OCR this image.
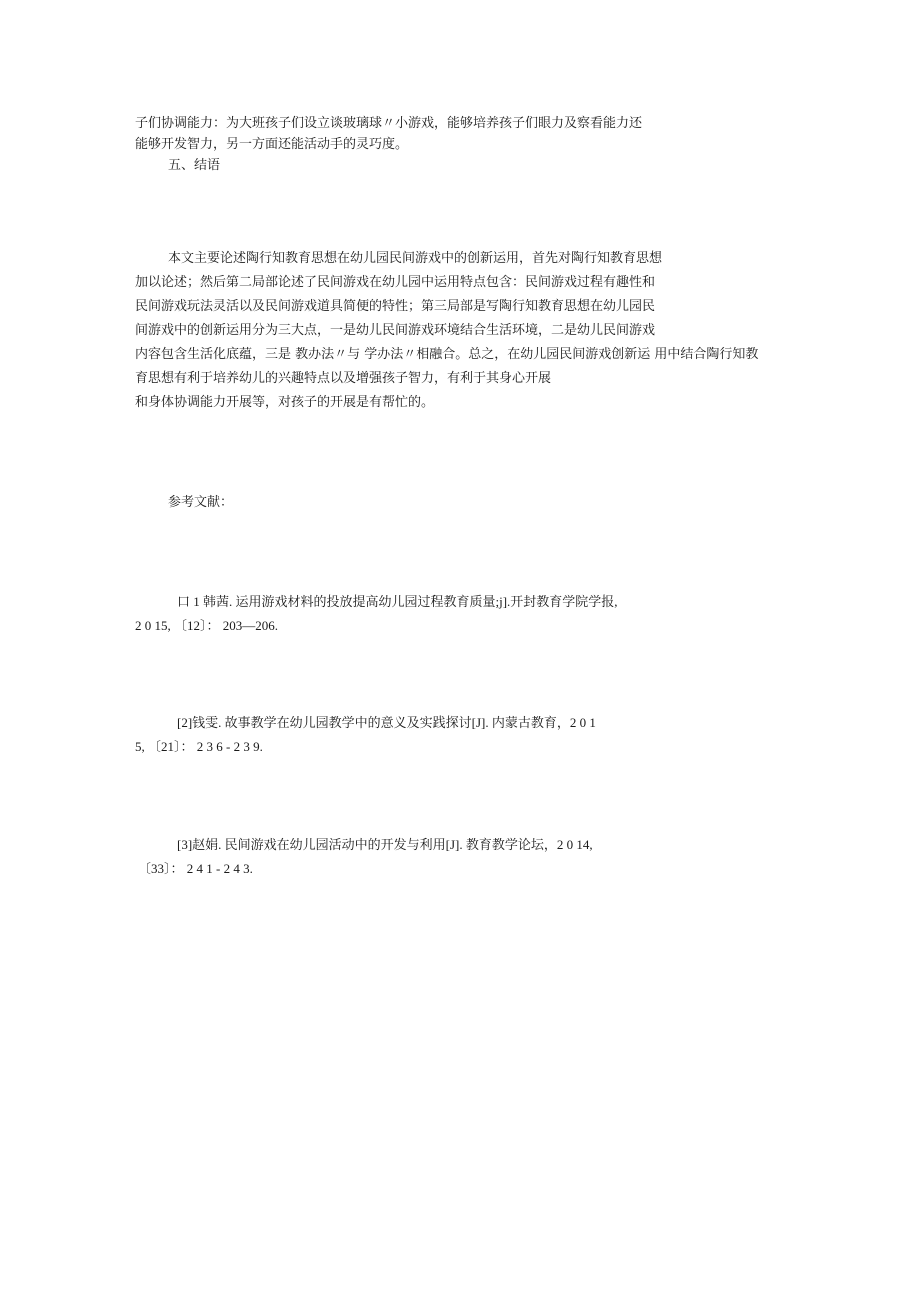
子们协调能力：为大班孩子们设立谈玻璃球〃小游戏，能够培养孩子们眼力及察看能力还
能够开发智力，另一方面还能活动手的灵巧度。
五、结语
本文主要论述陶行知教育思想在幼儿园民间游戏中的创新运用，首先对陶行知教育思想
加以论述；然后第二局部论述了民间游戏在幼儿园中运用特点包含：民间游戏过程有趣性和
民间游戏玩法灵活以及民间游戏道具简便的特性；第三局部是写陶行知教育思想在幼儿园民
间游戏中的创新运用分为三大点，一是幼儿民间游戏环境结合生活环境，二是幼儿民间游戏
内容包含生活化底蕴，三是 教办法〃与 学办法〃相融合。总之，在幼儿园民间游戏创新运 用中结合陶行知教
育思想有利于培养幼儿的兴趣特点以及增强孩子智力，有利于其身心开展
和身体协调能力开展等，对孩子的开展是有帮忙的。
参考文献：
口 1 韩茜. 运用游戏材料的投放提高幼儿园过程教育质量;j].开封教育学院学报,
2 0 15, 〔12〕： 203—206.
[2]钱雯. 故事教学在幼儿园教学中的意义及实践探讨[J]. 内蒙古教育，2 0 1
5, 〔21〕： 2 3 6 - 2 3 9.
[3]赵娟. 民间游戏在幼儿园活动中的开发与利用[J]. 教育教学论坛，2 0 14,
〔33〕： 2 4 1 - 2 4 3.
